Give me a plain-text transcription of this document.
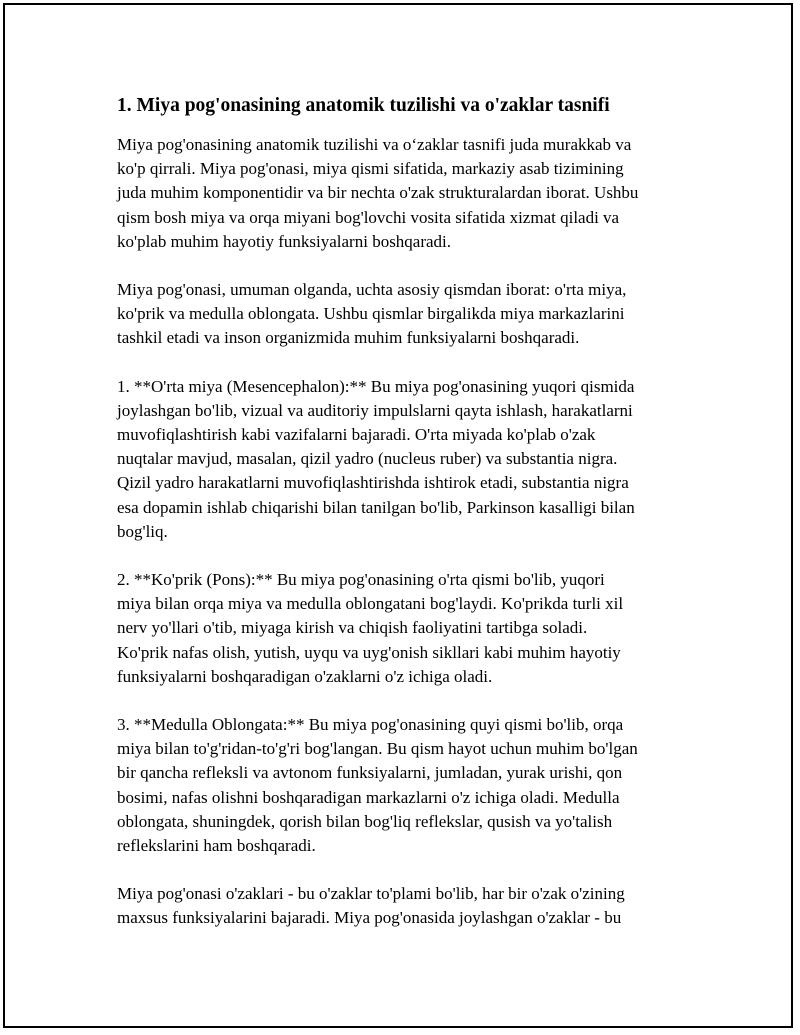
1. Miya pog'onasining anatomik tuzilishi va o'zaklar tasnifi

Miya pog'onasining anatomik tuzilishi va o‘zaklar tasnifi juda murakkab va
ko'p qirrali. Miya pog'onasi, miya qismi sifatida, markaziy asab tizimining
juda muhim komponentidir va bir nechta o'zak strukturalardan iborat. Ushbu
qism bosh miya va orqa miyani bog'lovchi vosita sifatida xizmat qiladi va
ko'plab muhim hayotiy funksiyalarni boshqaradi.

Miya pog'onasi, umuman olganda, uchta asosiy qismdan iborat: o'rta miya,
ko'prik va medulla oblongata. Ushbu qismlar birgalikda miya markazlarini
tashkil etadi va inson organizmida muhim funksiyalarni boshqaradi.

1. **O'rta miya (Mesencephalon):** Bu miya pog'onasining yuqori qismida
joylashgan bo'lib, vizual va auditoriy impulslarni qayta ishlash, harakatlarni
muvofiqlashtirish kabi vazifalarni bajaradi. O'rta miyada ko'plab o'zak
nuqtalar mavjud, masalan, qizil yadro (nucleus ruber) va substantia nigra.
Qizil yadro harakatlarni muvofiqlashtirishda ishtirok etadi, substantia nigra
esa dopamin ishlab chiqarishi bilan tanilgan bo'lib, Parkinson kasalligi bilan
bog'liq.

2. **Ko'prik (Pons):** Bu miya pog'onasining o'rta qismi bo'lib, yuqori
miya bilan orqa miya va medulla oblongatani bog'laydi. Ko'prikda turli xil
nerv yo'llari o'tib, miyaga kirish va chiqish faoliyatini tartibga soladi.
Ko'prik nafas olish, yutish, uyqu va uyg'onish sikllari kabi muhim hayotiy
funksiyalarni boshqaradigan o'zaklarni o'z ichiga oladi.

3. **Medulla Oblongata:** Bu miya pog'onasining quyi qismi bo'lib, orqa
miya bilan to'g'ridan-to'g'ri bog'langan. Bu qism hayot uchun muhim bo'lgan
bir qancha refleksli va avtonom funksiyalarni, jumladan, yurak urishi, qon
bosimi, nafas olishni boshqaradigan markazlarni o'z ichiga oladi. Medulla
oblongata, shuningdek, qorish bilan bog'liq reflekslar, qusish va yo'talish
reflekslarini ham boshqaradi.

Miya pog'onasi o'zaklari - bu o'zaklar to'plami bo'lib, har bir o'zak o'zining
maxsus funksiyalarini bajaradi. Miya pog'onasida joylashgan o'zaklar - bu
